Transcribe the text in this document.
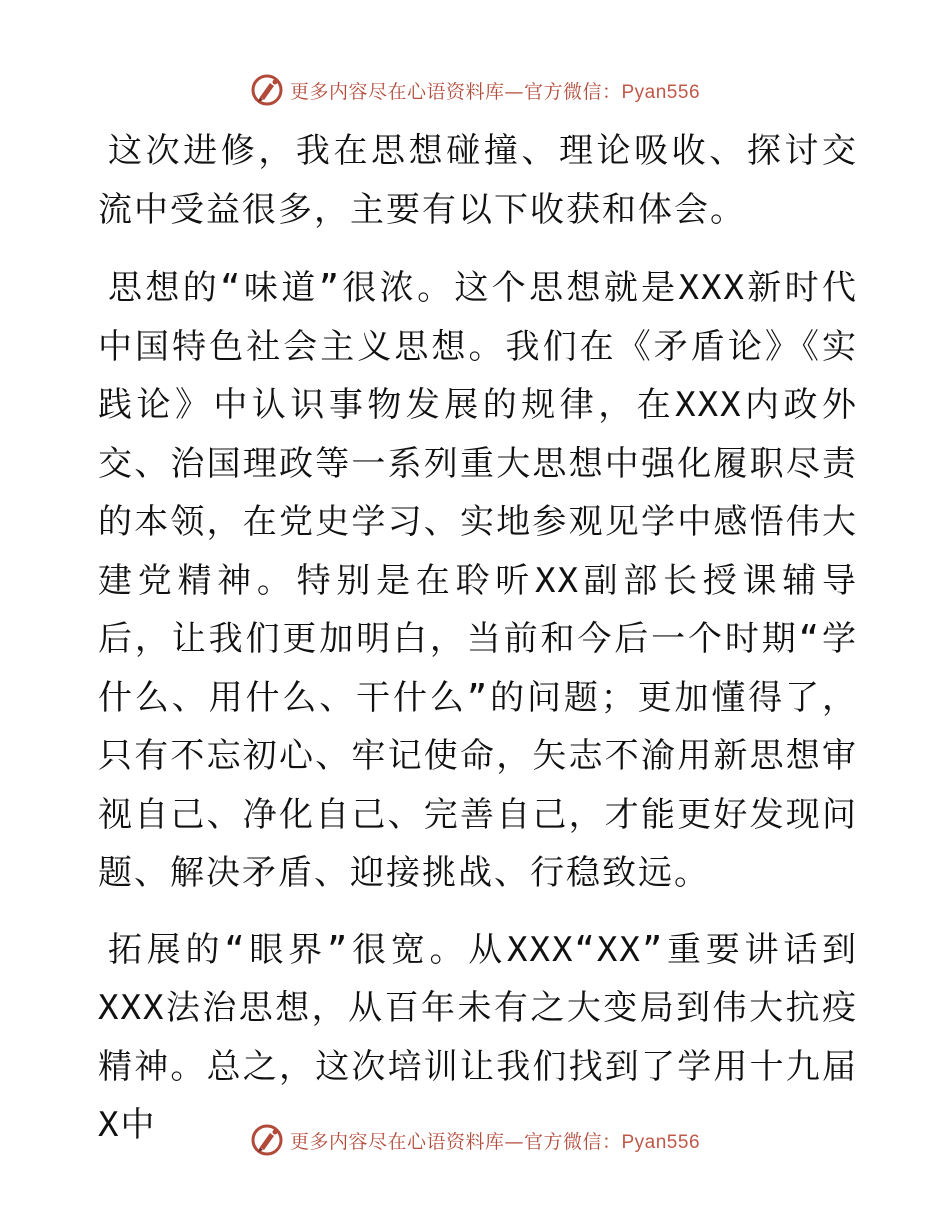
更多内容尽在心语资料库—官方微信：Pyan556

这次进修，我在思想碰撞、理论吸收、探讨交流中受益很多，主要有以下收获和体会。

思想的“味道”很浓。这个思想就是XXX新时代中国特色社会主义思想。我们在《矛盾论》《实践论》中认识事物发展的规律，在XXX内政外交、治国理政等一系列重大思想中强化履职尽责的本领，在党史学习、实地参观见学中感悟伟大建党精神。特别是在聆听XX副部长授课辅导后，让我们更加明白，当前和今后一个时期“学什么、用什么、干什么”的问题；更加懂得了，只有不忘初心、牢记使命，矢志不渝用新思想审视自己、净化自己、完善自己，才能更好发现问题、解决矛盾、迎接挑战、行稳致远。

拓展的“眼界”很宽。从XXX“XX”重要讲话到XXX法治思想，从百年未有之大变局到伟大抗疫精神。总之，这次培训让我们找到了学用十九届X中	更多内容尽在心语资料库—官方微信：Pyan556
